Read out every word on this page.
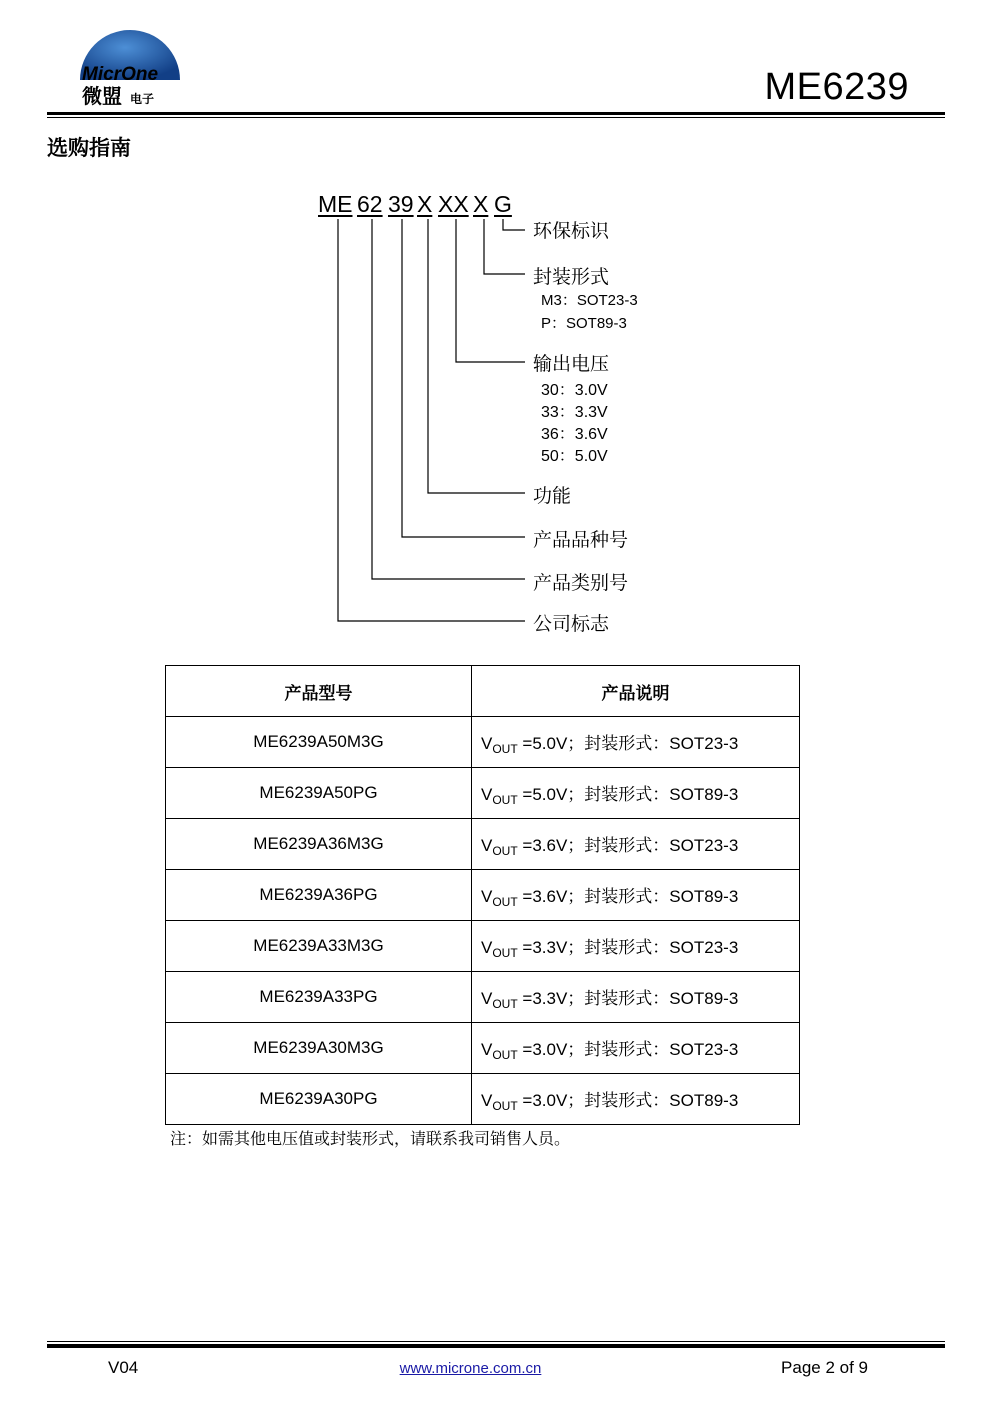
MicrOne
微盟 电子	ME6239
选购指南
ME 62 39 X XX X G
环保标识
封装形式
M3：SOT23-3
P：SOT89-3
输出电压
30：3.0V
33：3.3V
36：3.6V
50：5.0V
功能
产品品种号
产品类别号
公司标志
产品型号	产品说明
ME6239A50M3G	$V_{OUT} =5.0V$；封装形式：SOT23-3
ME6239A50PG	$V_{OUT} =5.0V$；封装形式：SOT89-3
ME6239A36M3G	$V_{OUT} =3.6V$；封装形式：SOT23-3
ME6239A36PG	$V_{OUT} =3.6V$；封装形式：SOT89-3
ME6239A33M3G	$V_{OUT} =3.3V$；封装形式：SOT23-3
ME6239A33PG	$V_{OUT} =3.3V$；封装形式：SOT89-3
ME6239A30M3G	$V_{OUT} =3.0V$；封装形式：SOT23-3
ME6239A30PG	$V_{OUT} =3.0V$；封装形式：SOT89-3
注：如需其他电压值或封装形式，请联系我司销售人员。
V04	www.microne.com.cn	Page 2 of 9
